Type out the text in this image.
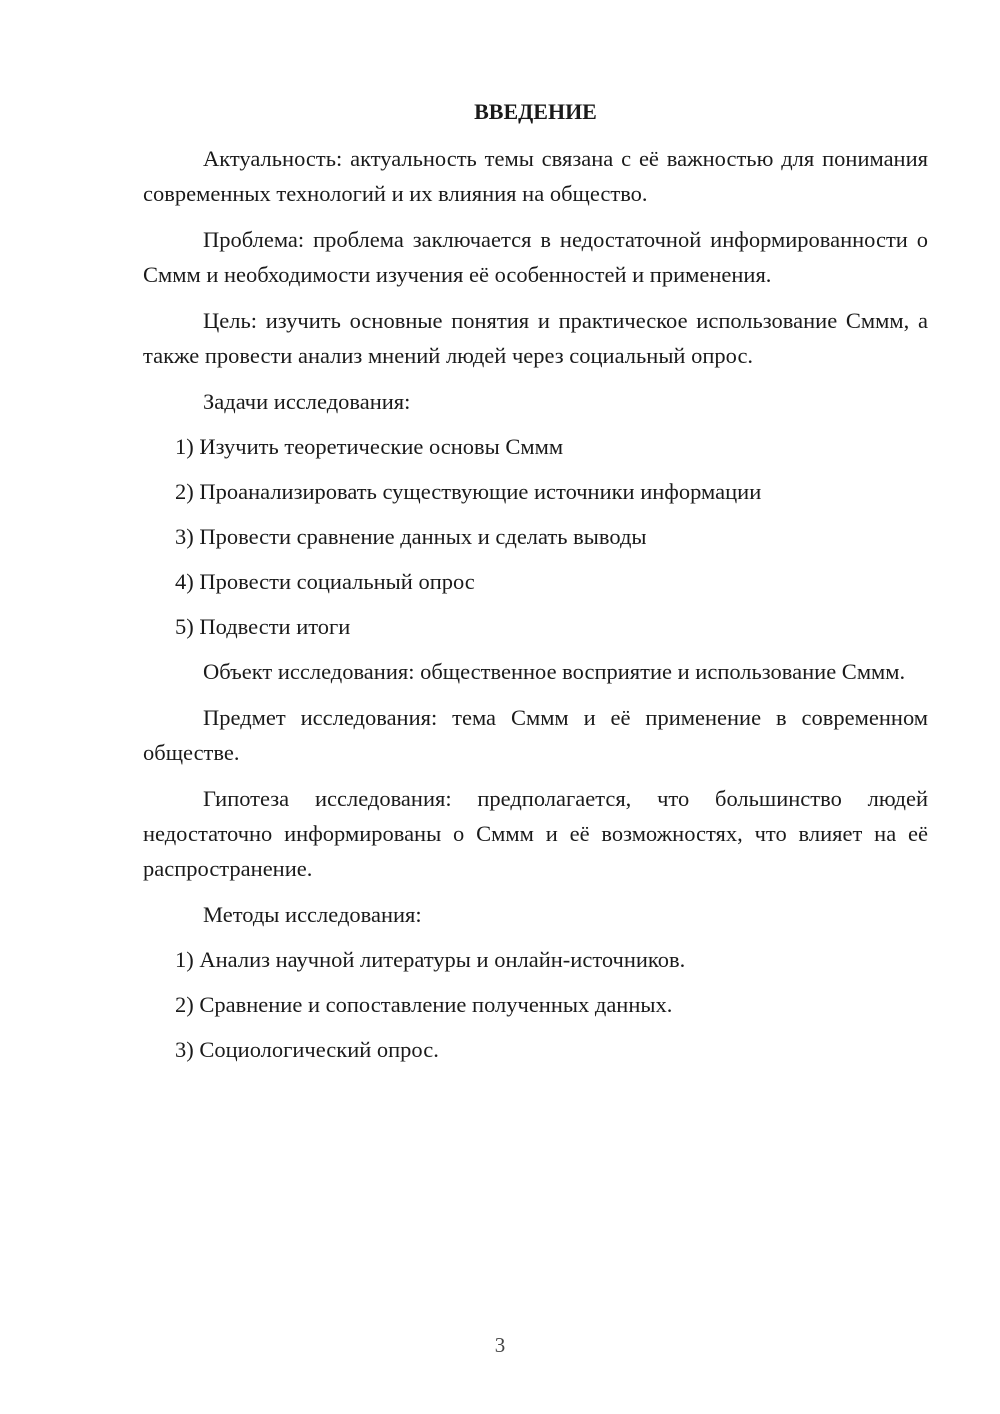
ВВЕДЕНИЕ
Актуальность: актуальность темы связана с её важностью для понимания современных технологий и их влияния на общество.
Проблема: проблема заключается в недостаточной информированности о Сммм и необходимости изучения её особенностей и применения.
Цель: изучить основные понятия и практическое использование Сммм, а также провести анализ мнений людей через социальный опрос.
Задачи исследования:
1) Изучить теоретические основы Сммм
2) Проанализировать существующие источники информации
3) Провести сравнение данных и сделать выводы
4) Провести социальный опрос
5) Подвести итоги
Объект исследования: общественное восприятие и использование Сммм.
Предмет исследования: тема Сммм и её применение в современном обществе.
Гипотеза исследования: предполагается, что большинство людей недостаточно информированы о Сммм и её возможностях, что влияет на её распространение.
Методы исследования:
1) Анализ научной литературы и онлайн-источников.
2) Сравнение и сопоставление полученных данных.
3) Социологический опрос.
3
